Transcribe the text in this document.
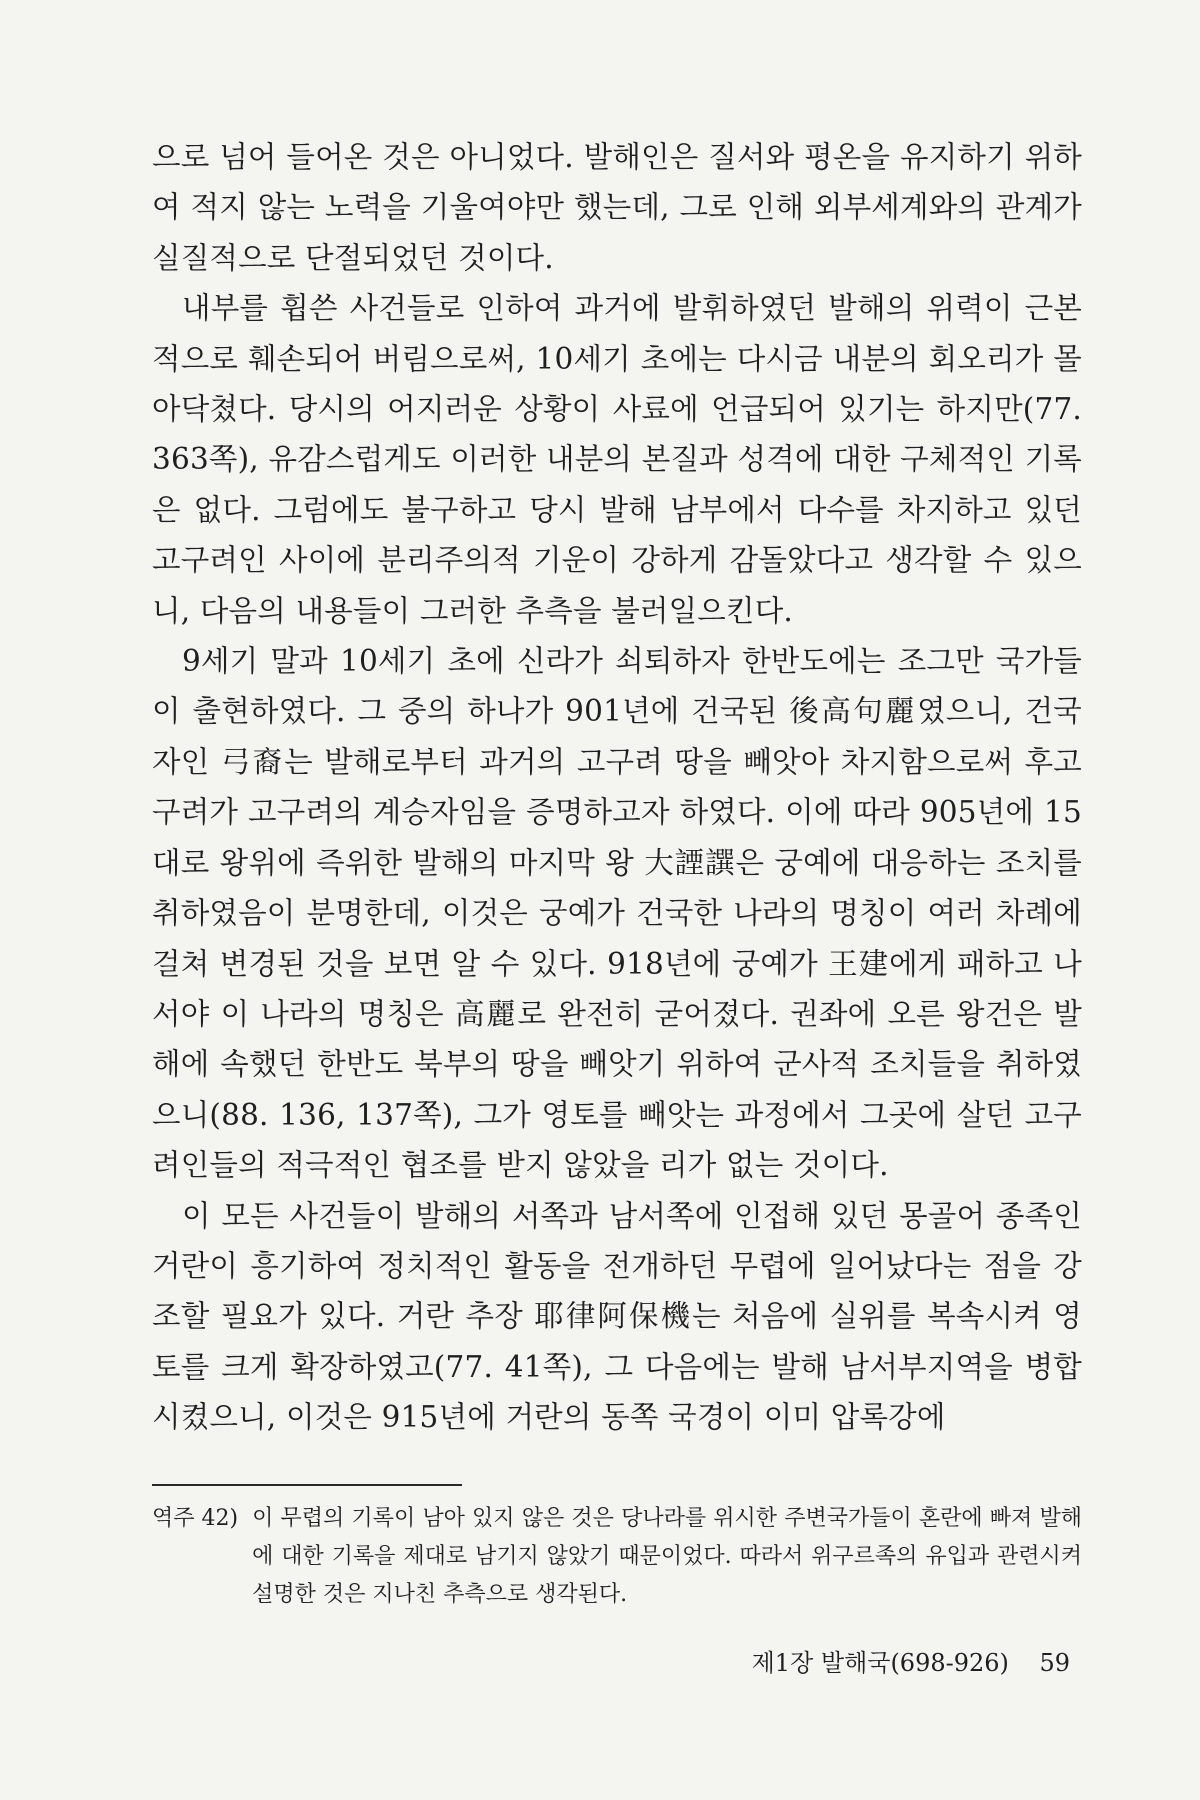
으로 넘어 들어온 것은 아니었다. 발해인은 질서와 평온을 유지하기 위하여 적지 않는 노력을 기울여야만 했는데, 그로 인해 외부세계와의 관계가 실질적으로 단절되었던 것이다.

내부를 휩쓴 사건들로 인하여 과거에 발휘하였던 발해의 위력이 근본적으로 훼손되어 버림으로써, 10세기 초에는 다시금 내분의 회오리가 몰아닥쳤다. 당시의 어지러운 상황이 사료에 언급되어 있기는 하지만(77. 363쪽), 유감스럽게도 이러한 내분의 본질과 성격에 대한 구체적인 기록은 없다. 그럼에도 불구하고 당시 발해 남부에서 다수를 차지하고 있던 고구려인 사이에 분리주의적 기운이 강하게 감돌았다고 생각할 수 있으니, 다음의 내용들이 그러한 추측을 불러일으킨다.

9세기 말과 10세기 초에 신라가 쇠퇴하자 한반도에는 조그만 국가들이 출현하였다. 그 중의 하나가 901년에 건국된 後高句麗였으니, 건국자인 弓裔는 발해로부터 과거의 고구려 땅을 빼앗아 차지함으로써 후고구려가 고구려의 계승자임을 증명하고자 하였다. 이에 따라 905년에 15대로 왕위에 즉위한 발해의 마지막 왕 大諲譔은 궁예에 대응하는 조치를 취하였음이 분명한데, 이것은 궁예가 건국한 나라의 명칭이 여러 차례에 걸쳐 변경된 것을 보면 알 수 있다. 918년에 궁예가 王建에게 패하고 나서야 이 나라의 명칭은 高麗로 완전히 굳어졌다. 권좌에 오른 왕건은 발해에 속했던 한반도 북부의 땅을 빼앗기 위하여 군사적 조치들을 취하였으니(88. 136, 137쪽), 그가 영토를 빼앗는 과정에서 그곳에 살던 고구려인들의 적극적인 협조를 받지 않았을 리가 없는 것이다.

이 모든 사건들이 발해의 서쪽과 남서쪽에 인접해 있던 몽골어 종족인 거란이 흥기하여 정치적인 활동을 전개하던 무렵에 일어났다는 점을 강조할 필요가 있다. 거란 추장 耶律阿保機는 처음에 실위를 복속시켜 영토를 크게 확장하였고(77. 41쪽), 그 다음에는 발해 남서부지역을 병합시켰으니, 이것은 915년에 거란의 동쪽 국경이 이미 압록강에

역주 42) 이 무렵의 기록이 남아 있지 않은 것은 당나라를 위시한 주변국가들이 혼란에 빠져 발해에 대한 기록을 제대로 남기지 않았기 때문이었다. 따라서 위구르족의 유입과 관련시켜 설명한 것은 지나친 추측으로 생각된다.
제1장 발해국(698-926) 59
